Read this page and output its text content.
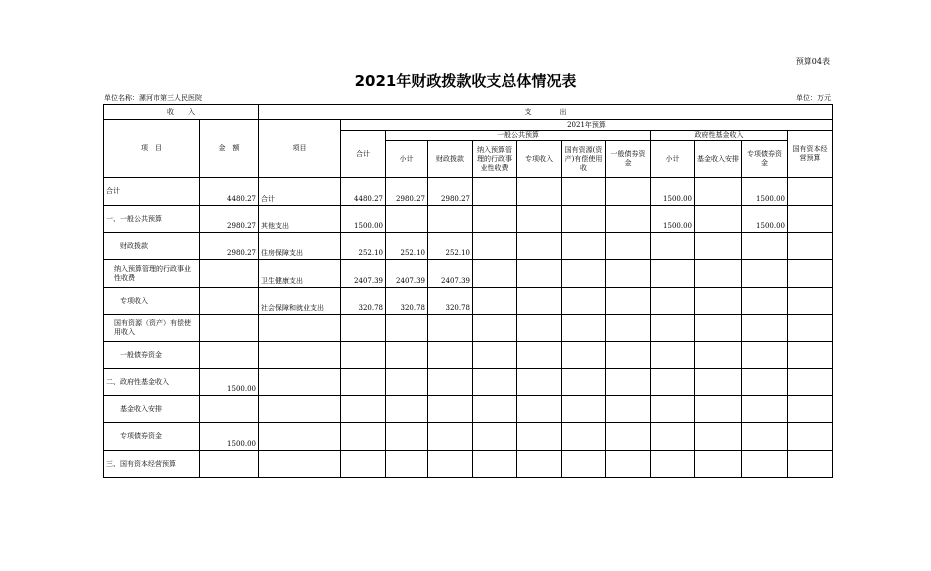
预算04表
2021年财政拨款收支总体情况表
单位名称：漯河市第三人民医院	单位：万元
收　　入		支　　　　出											
项　目	金　额	项目	2021年预算										
			合计	一般公共预算						政府性基金收入			国有资本经营预算
				小计	财政拨款	纳入预算管理的行政事业性收费	专项收入	国有资源(资产)有偿使用收	一般债券资金	小计	基金收入安排	专项债券资金	
合计	4480.27	合计	4480.27	2980.27	2980.27					1500.00		1500.00	
一、一般公共预算	2980.27	其他支出	1500.00							1500.00		1500.00	
财政拨款	2980.27	住房保障支出	252.10	252.10	252.10								
纳入预算管理的行政事业性收费		卫生健康支出	2407.39	2407.39	2407.39								
专项收入		社会保障和就业支出	320.78	320.78	320.78								
国有资源（资产）有偿使用收入													
一般债券资金													
二、政府性基金收入	1500.00												
基金收入安排													
专项债券资金	1500.00												
三、国有资本经营预算													
